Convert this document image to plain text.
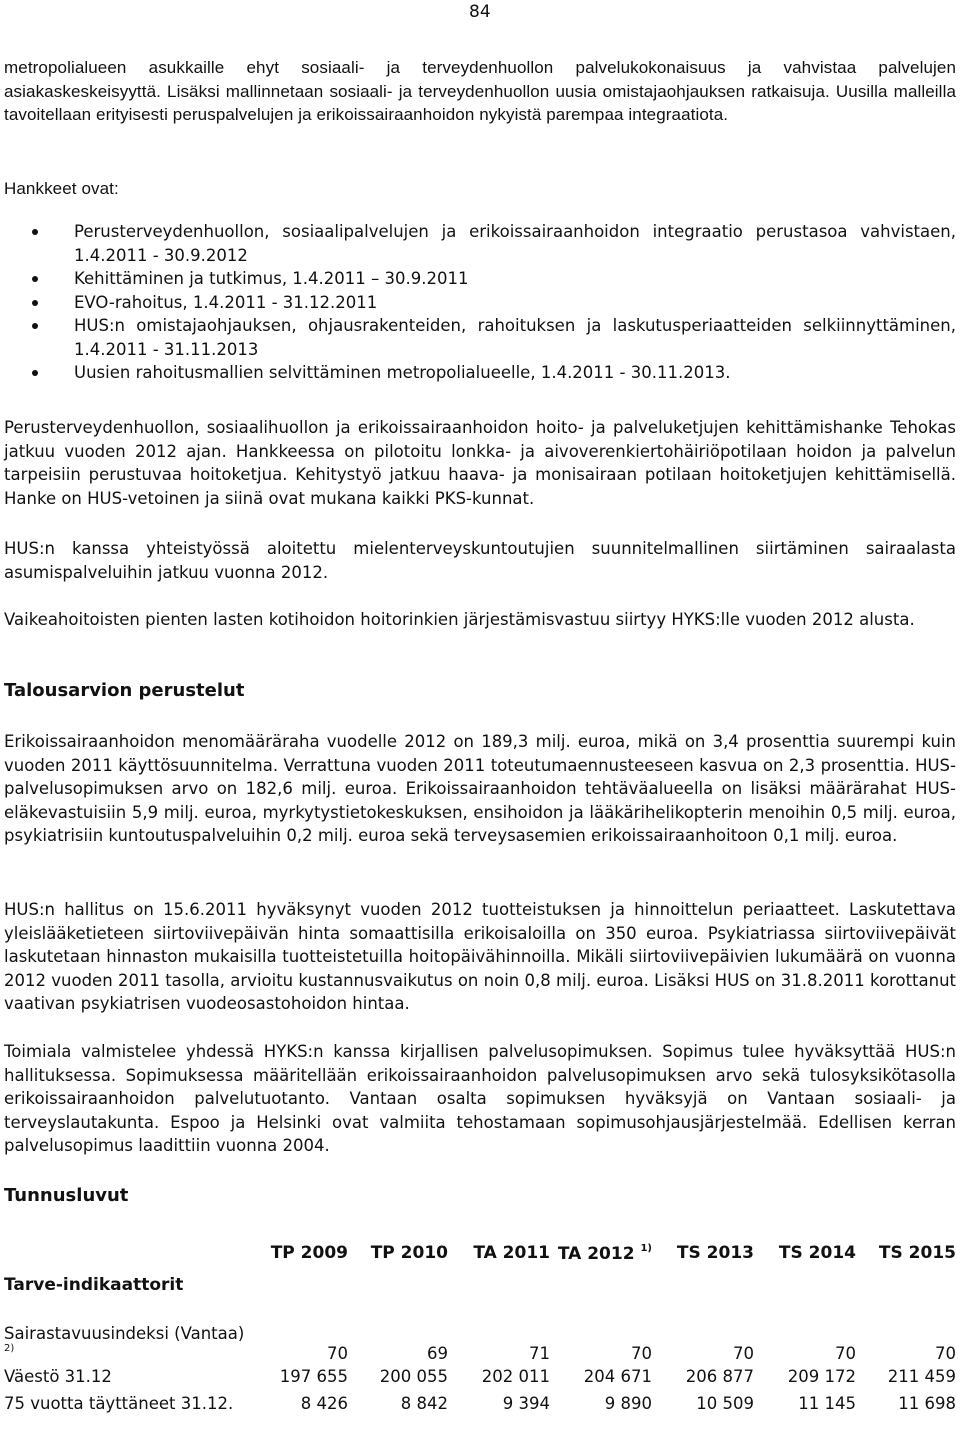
84

metropolialueen asukkaille ehyt sosiaali- ja terveydenhuollon palvelukokonaisuus ja vahvistaa palvelujen asiakaskeskeisyyttä. Lisäksi mallinnetaan sosiaali- ja terveydenhuollon uusia omistajaohjauksen ratkaisuja. Uusilla malleilla tavoitellaan erityisesti peruspalvelujen ja erikoissairaanhoidon nykyistä parempaa integraatiota.

Hankkeet ovat:

Perusterveydenhuollon, sosiaalipalvelujen ja erikoissairaanhoidon integraatio perustasoa vahvistaen, 1.4.2011 - 30.9.2012
Kehittäminen ja tutkimus, 1.4.2011 – 30.9.2011
EVO-rahoitus, 1.4.2011 - 31.12.2011
HUS:n omistajaohjauksen, ohjausrakenteiden, rahoituksen ja laskutusperiaatteiden selkiinnyttäminen, 1.4.2011 - 31.11.2013
Uusien rahoitusmallien selvittäminen metropolialueelle, 1.4.2011 - 30.11.2013.

Perusterveydenhuollon, sosiaalihuollon ja erikoissairaanhoidon hoito- ja palveluketjujen kehittämishanke Tehokas jatkuu vuoden 2012 ajan. Hankkeessa on pilotoitu lonkka- ja aivoverenkiertohäiriöpotilaan hoidon ja palvelun tarpeisiin perustuvaa hoitoketjua. Kehitystyö jatkuu haava- ja monisairaan potilaan hoitoketjujen kehittämisellä. Hanke on HUS-vetoinen ja siinä ovat mukana kaikki PKS-kunnat.

HUS:n kanssa yhteistyössä aloitettu mielenterveyskuntoutujien suunnitelmallinen siirtäminen sairaalasta asumispalveluihin jatkuu vuonna 2012.

Vaikeahoitoisten pienten lasten kotihoidon hoitorinkien järjestämisvastuu siirtyy HYKS:lle vuoden 2012 alusta.

Talousarvion perustelut

Erikoissairaanhoidon menomääräraha vuodelle 2012 on 189,3 milj. euroa, mikä on 3,4 prosenttia suurempi kuin vuoden 2011 käyttösuunnitelma. Verrattuna vuoden 2011 toteutumaennusteeseen kasvua on 2,3 prosenttia. HUS-palvelusopimuksen arvo on 182,6 milj. euroa. Erikoissairaanhoidon tehtäväalueella on lisäksi määrärahat HUS-eläkevastuisiin 5,9 milj. euroa, myrkytystietokeskuksen, ensihoidon ja lääkärihelikopterin menoihin 0,5 milj. euroa, psykiatrisiin kuntoutuspalveluihin 0,2 milj. euroa sekä terveysasemien erikoissairaanhoitoon 0,1 milj. euroa.

HUS:n hallitus on 15.6.2011 hyväksynyt vuoden 2012 tuotteistuksen ja hinnoittelun periaatteet. Laskutettava yleislääketieteen siirtoviivepäivän hinta somaattisilla erikoisaloilla on 350 euroa. Psykiatriassa siirtoviivepäivät laskutetaan hinnaston mukaisilla tuotteistetuilla hoitopäivähinnoilla. Mikäli siirtoviivepäivien lukumäärä on vuonna 2012 vuoden 2011 tasolla, arvioitu kustannusvaikutus on noin 0,8 milj. euroa. Lisäksi HUS on 31.8.2011 korottanut vaativan psykiatrisen vuodeosastohoidon hintaa.

Toimiala valmistelee yhdessä HYKS:n kanssa kirjallisen palvelusopimuksen. Sopimus tulee hyväksyttää HUS:n hallituksessa. Sopimuksessa määritellään erikoissairaanhoidon palvelusopimuksen arvo sekä tulosyksikötasolla erikoissairaanhoidon palvelutuotanto. Vantaan osalta sopimuksen hyväksyjä on Vantaan sosiaali- ja terveyslautakunta. Espoo ja Helsinki ovat valmiita tehostamaan sopimusohjausjärjestelmää. Edellisen kerran palvelusopimus laadittiin vuonna 2004.

Tunnusluvut
	TP 2009	TP 2010	TA 2011	TA 2012 $^{1)}$	TS 2013	TS 2014	TS 2015
Tarve-indikaattorit							

Sairastavuusindeksi (Vantaa) $^{2)}$	70	69	71	70	70	70	70
Väestö 31.12	197 655	200 055	202 011	204 671	206 877	209 172	211 459
75 vuotta täyttäneet 31.12.	8 426	8 842	9 394	9 890	10 509	11 145	11 698
